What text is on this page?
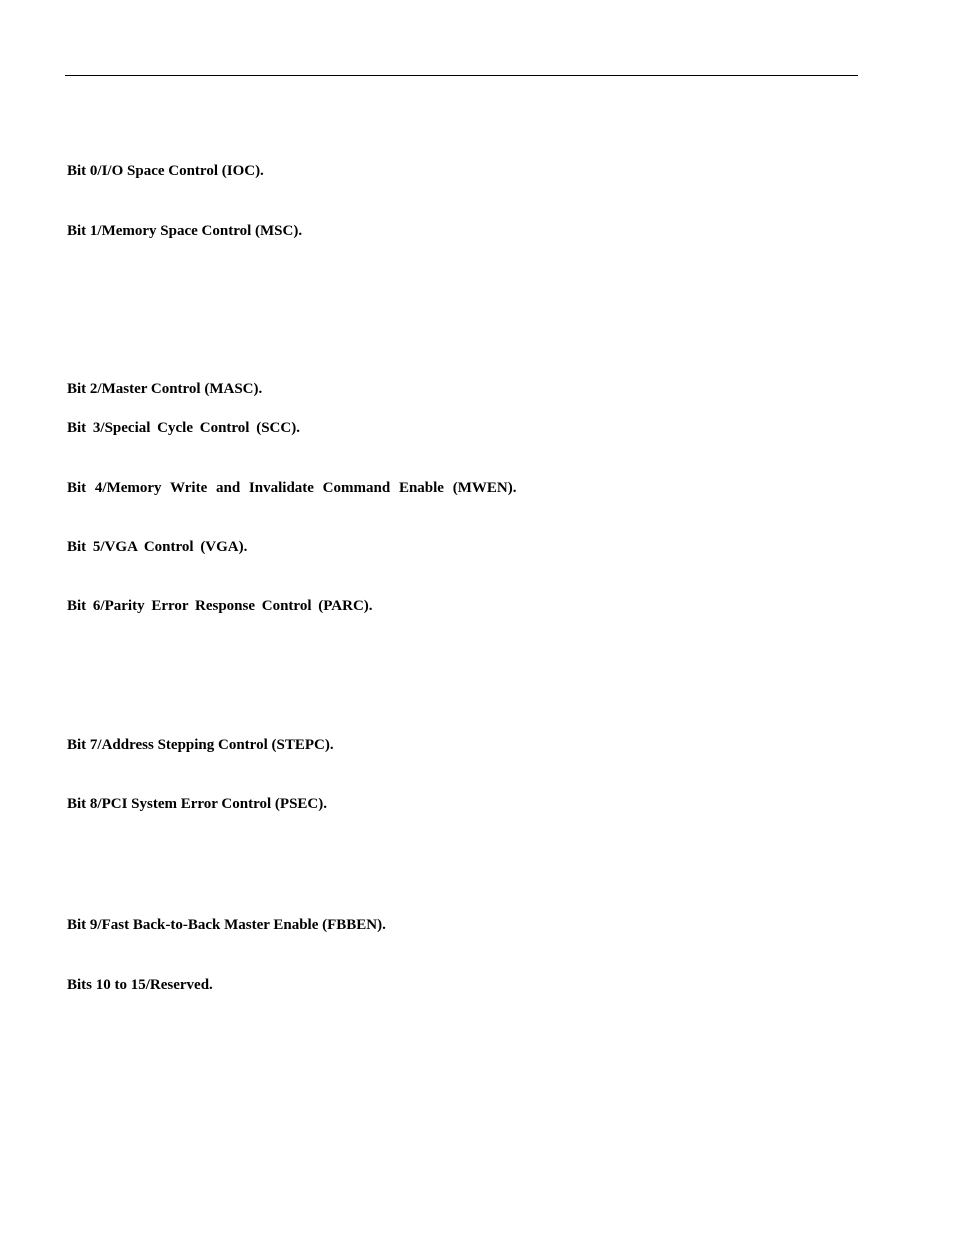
Bit 0/I/O Space Control (IOC).

Bit 1/Memory Space Control (MSC).

Bit 2/Master Control (MASC).

Bit 3/Special Cycle Control (SCC).

Bit 4/Memory Write and Invalidate Command Enable (MWEN).

Bit 5/VGA Control (VGA).

Bit 6/Parity Error Response Control (PARC).

Bit 7/Address Stepping Control (STEPC).

Bit 8/PCI System Error Control (PSEC).

Bit 9/Fast Back-to-Back Master Enable (FBBEN).

Bits 10 to 15/Reserved.
